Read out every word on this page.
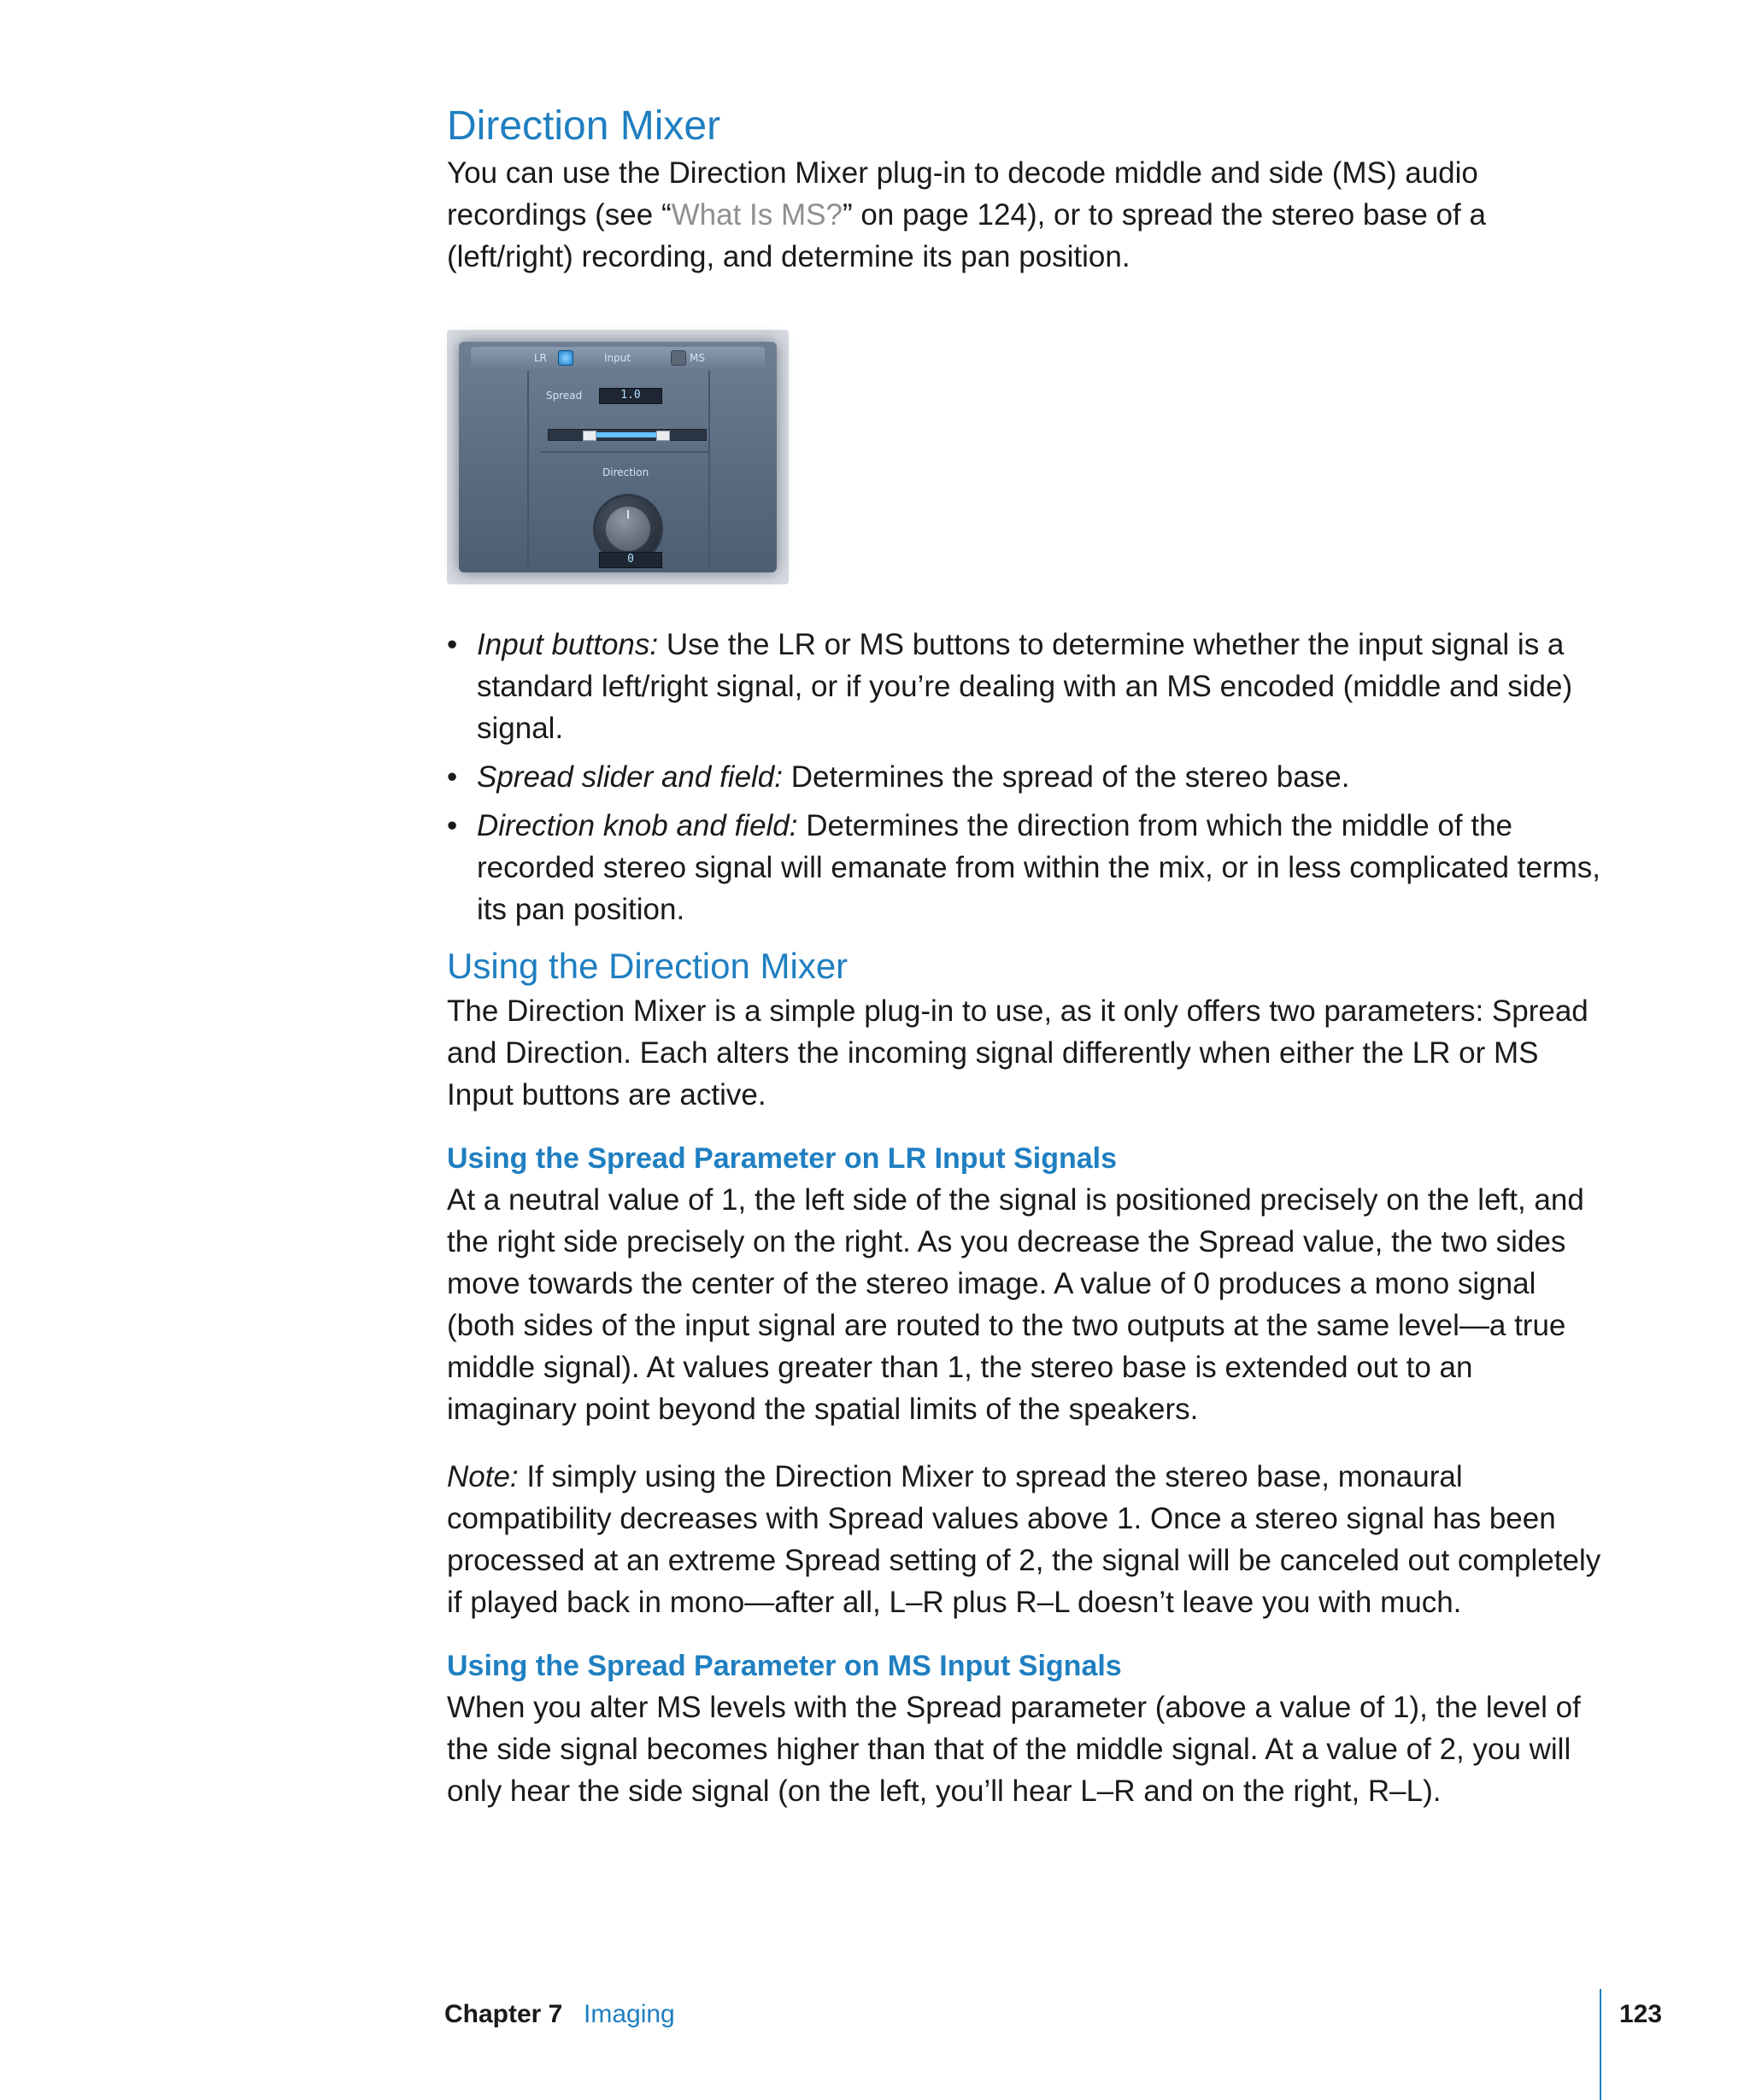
Direction Mixer

You can use the Direction Mixer plug-in to decode middle and side (MS) audio recordings (see “What Is MS?” on page 124), or to spread the stereo base of a (left/right) recording, and determine its pan position.

LR	Input	MS
Spread	1.0
Direction
0
• Input buttons: Use the LR or MS buttons to determine whether the input signal is a standard left/right signal, or if you’re dealing with an MS encoded (middle and side) signal.
• Spread slider and field: Determines the spread of the stereo base.
• Direction knob and field: Determines the direction from which the middle of the recorded stereo signal will emanate from within the mix, or in less complicated terms, its pan position.
Using the Direction Mixer

The Direction Mixer is a simple plug-in to use, as it only offers two parameters: Spread and Direction. Each alters the incoming signal differently when either the LR or MS Input buttons are active.

Using the Spread Parameter on LR Input Signals

At a neutral value of 1, the left side of the signal is positioned precisely on the left, and the right side precisely on the right. As you decrease the Spread value, the two sides move towards the center of the stereo image. A value of 0 produces a mono signal (both sides of the input signal are routed to the two outputs at the same level—a true middle signal). At values greater than 1, the stereo base is extended out to an imaginary point beyond the spatial limits of the speakers.

Note: If simply using the Direction Mixer to spread the stereo base, monaural compatibility decreases with Spread values above 1. Once a stereo signal has been processed at an extreme Spread setting of 2, the signal will be canceled out completely if played back in mono—after all, L–R plus R–L doesn’t leave you with much.

Using the Spread Parameter on MS Input Signals

When you alter MS levels with the Spread parameter (above a value of 1), the level of the side signal becomes higher than that of the middle signal. At a value of 2, you will only hear the side signal (on the left, you’ll hear L–R and on the right, R–L).

Chapter 7 Imaging	123
